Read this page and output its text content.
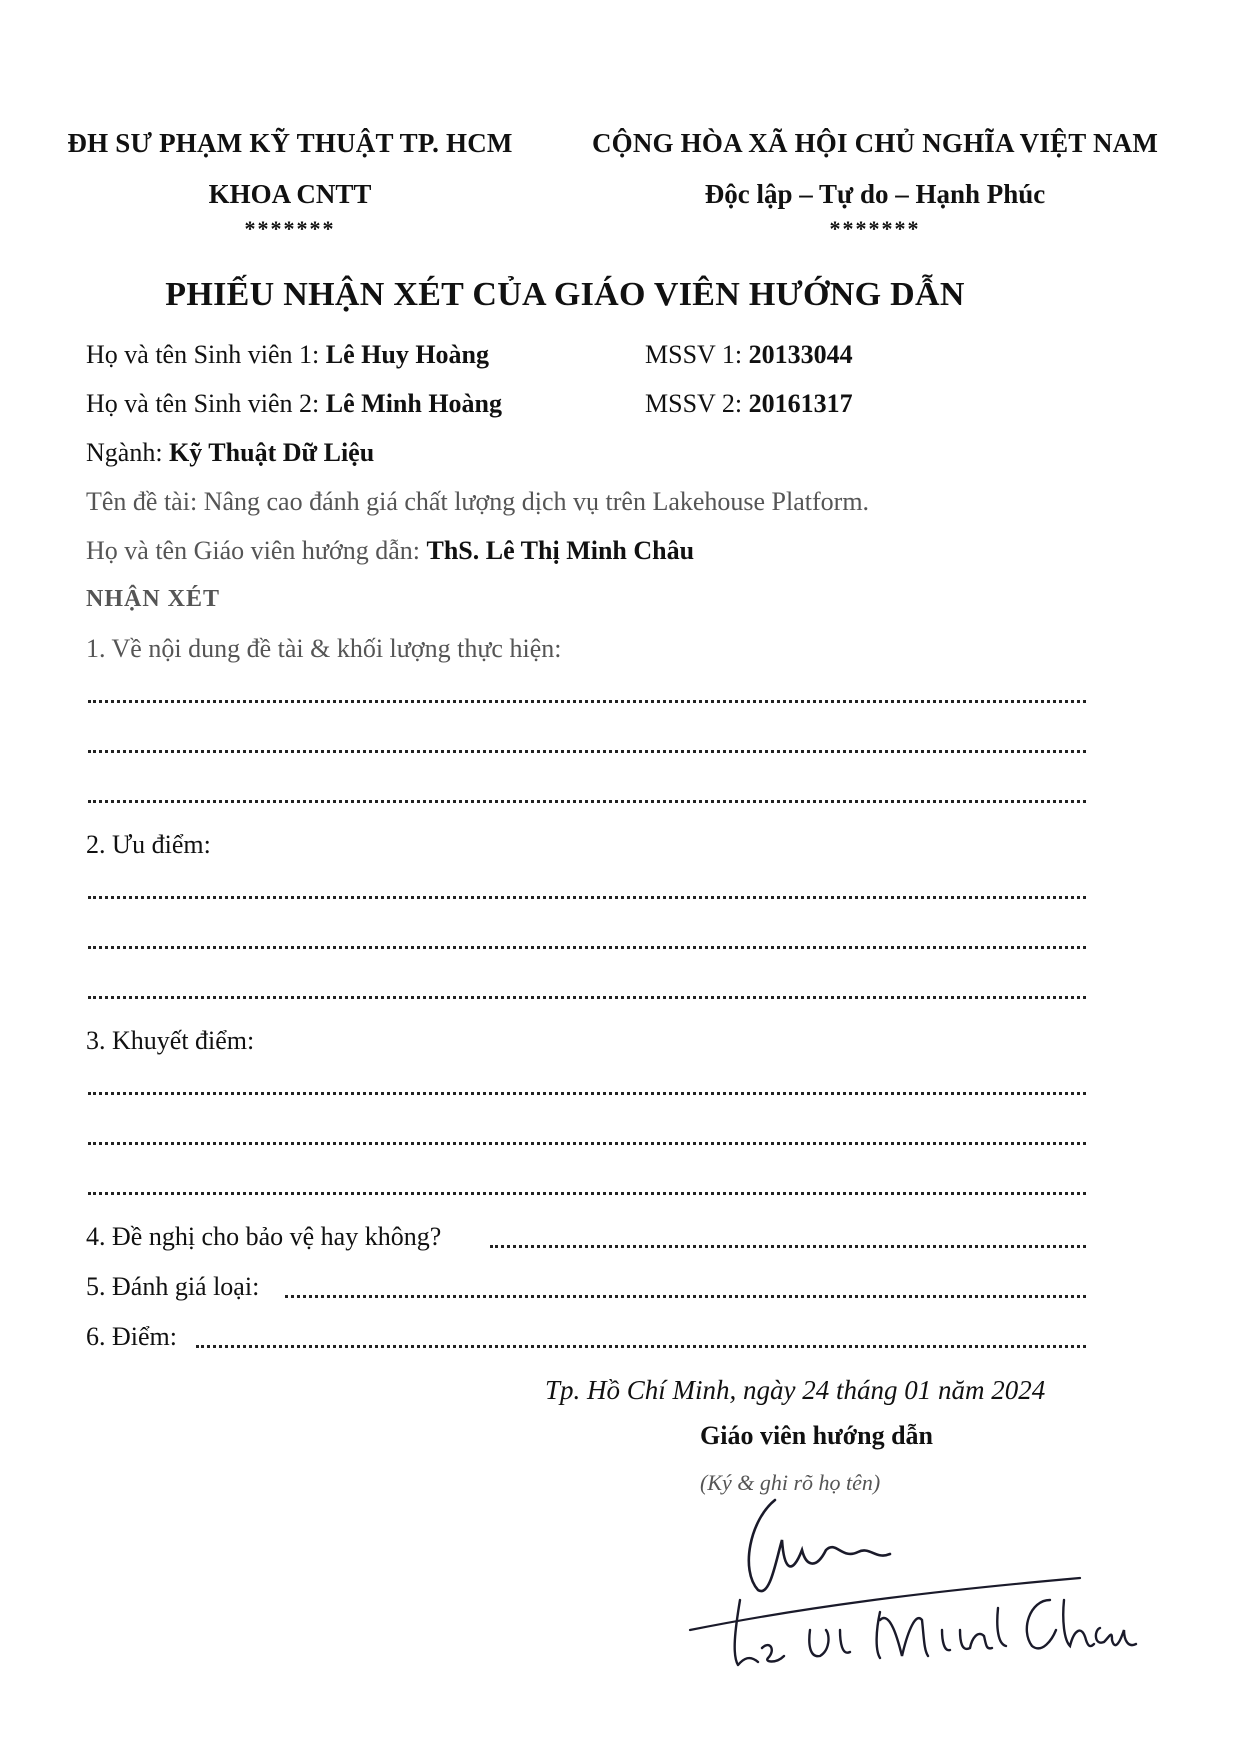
ĐH SƯ PHẠM KỸ THUẬT TP. HCM
KHOA CNTT
*******
CỘNG HÒA XÃ HỘI CHỦ NGHĨA VIỆT NAM
Độc lập – Tự do – Hạnh Phúc
*******
PHIẾU NHẬN XÉT CỦA GIÁO VIÊN HƯỚNG DẪN
Họ và tên Sinh viên 1: Lê Huy Hoàng	MSSV 1: 20133044
Họ và tên Sinh viên 2: Lê Minh Hoàng	MSSV 2: 20161317
Ngành: Kỹ Thuật Dữ Liệu
Tên đề tài: Nâng cao đánh giá chất lượng dịch vụ trên Lakehouse Platform.
Họ và tên Giáo viên hướng dẫn: ThS. Lê Thị Minh Châu
NHẬN XÉT
1. Về nội dung đề tài & khối lượng thực hiện:
2. Ưu điểm:
3. Khuyết điểm:
4. Đề nghị cho bảo vệ hay không?
5. Đánh giá loại:
6. Điểm:
Tp. Hồ Chí Minh, ngày 24 tháng 01 năm 2024
Giáo viên hướng dẫn
(Ký & ghi rõ họ tên)
